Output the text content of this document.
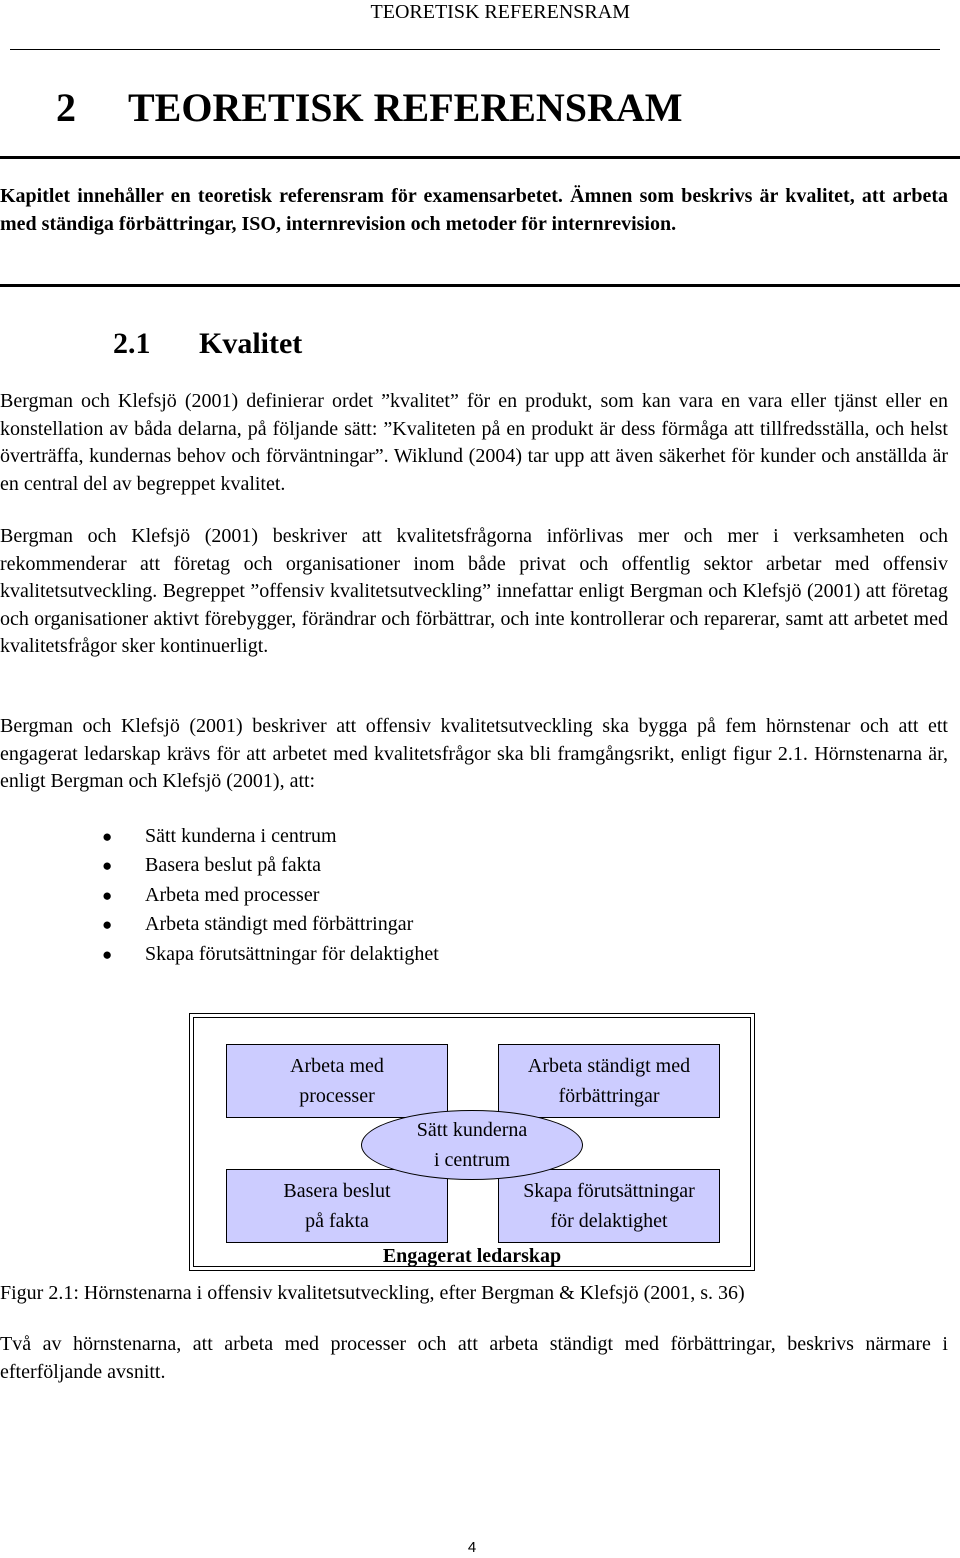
TEORETISK REFERENSRAM
2 TEORETISK REFERENSRAM

Kapitlet innehåller en teoretisk referensram för examensarbetet. Ämnen som beskrivs är kvalitet, att arbeta med ständiga förbättringar, ISO, internrevision och metoder för internrevision.

2.1 Kvalitet

Bergman och Klefsjö (2001) definierar ordet ”kvalitet” för en produkt, som kan vara en vara eller tjänst eller en konstellation av båda delarna, på följande sätt: ”Kvaliteten på en produkt är dess förmåga att tillfredsställa, och helst överträffa, kundernas behov och förväntningar”. Wiklund (2004) tar upp att även säkerhet för kunder och anställda är en central del av begreppet kvalitet.

Bergman och Klefsjö (2001) beskriver att kvalitetsfrågorna införlivas mer och mer i verksamheten och rekommenderar att företag och organisationer inom både privat och offentlig sektor arbetar med offensiv kvalitetsutveckling. Begreppet ”offensiv kvalitetsutveckling” innefattar enligt Bergman och Klefsjö (2001) att företag och organisationer aktivt förebygger, förändrar och förbättrar, och inte kontrollerar och reparerar, samt att arbetet med kvalitetsfrågor sker kontinuerligt.

Bergman och Klefsjö (2001) beskriver att offensiv kvalitetsutveckling ska bygga på fem hörnstenar och att ett engagerat ledarskap krävs för att arbetet med kvalitetsfrågor ska bli framgångsrikt, enligt figur 2.1. Hörnstenarna är, enligt Bergman och Klefsjö (2001), att:

● Sätt kunderna i centrum
● Basera beslut på fakta
● Arbeta med processer
● Arbeta ständigt med förbättringar
● Skapa förutsättningar för delaktighet
Arbeta med
processer
Arbeta ständigt med
förbättringar
Basera beslut
på fakta
Skapa förutsättningar
för delaktighet
Sätt kunderna
i centrum
Engagerat ledarskap

Figur 2.1: Hörnstenarna i offensiv kvalitetsutveckling, efter Bergman & Klefsjö (2001, s. 36)

Två av hörnstenarna, att arbeta med processer och att arbeta ständigt med förbättringar, beskrivs närmare i efterföljande avsnitt.

4
